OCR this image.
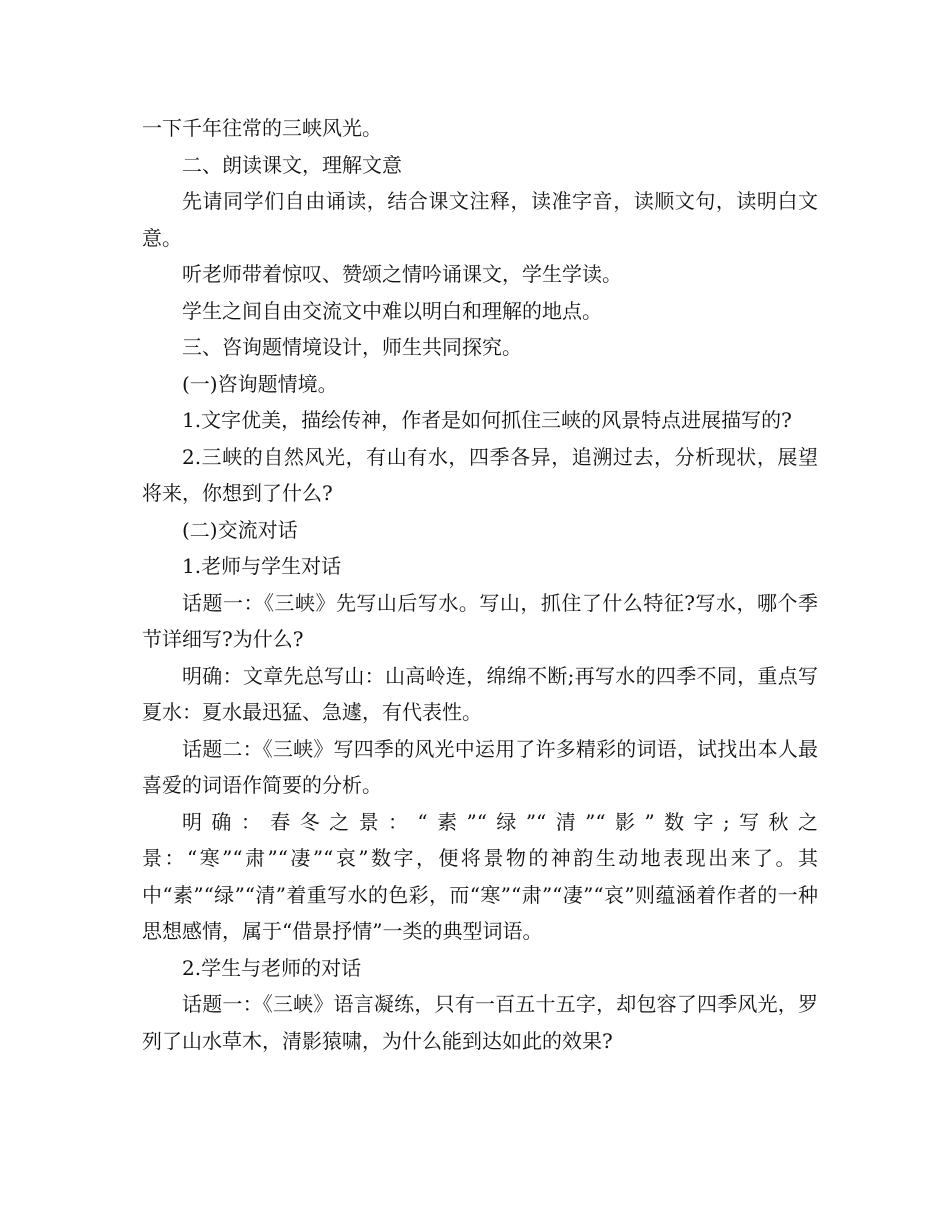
一下千年往常的三峡风光。

二、朗读课文，理解文意

先请同学们自由诵读，结合课文注释，读准字音，读顺文句，读明白文意。

听老师带着惊叹、赞颂之情吟诵课文，学生学读。

学生之间自由交流文中难以明白和理解的地点。

三、咨询题情境设计，师生共同探究。

(一)咨询题情境。

1.文字优美，描绘传神，作者是如何抓住三峡的风景特点进展描写的?

2.三峡的自然风光，有山有水，四季各异，追溯过去，分析现状，展望将来，你想到了什么?

(二)交流对话

1.老师与学生对话

话题一：《三峡》先写山后写水。写山，抓住了什么特征?写水，哪个季节详细写?为什么?

明确：文章先总写山：山高岭连，绵绵不断;再写水的四季不同，重点写夏水：夏水最迅猛、急遽，有代表性。

话题二：《三峡》写四季的风光中运用了许多精彩的词语，试找出本人最喜爱的词语作简要的分析。

明确：春冬之景：“素”“绿”“清”“影”数字;写秋之景：“寒”“肃”“凄”“哀”数字，便将景物的神韵生动地表现出来了。其中“素”“绿”“清”着重写水的色彩，而“寒”“肃”“凄”“哀”则蕴涵着作者的一种思想感情，属于“借景抒情”一类的典型词语。

2.学生与老师的对话

话题一：《三峡》语言凝练，只有一百五十五字，却包容了四季风光，罗列了山水草木，清影猿啸，为什么能到达如此的效果?
